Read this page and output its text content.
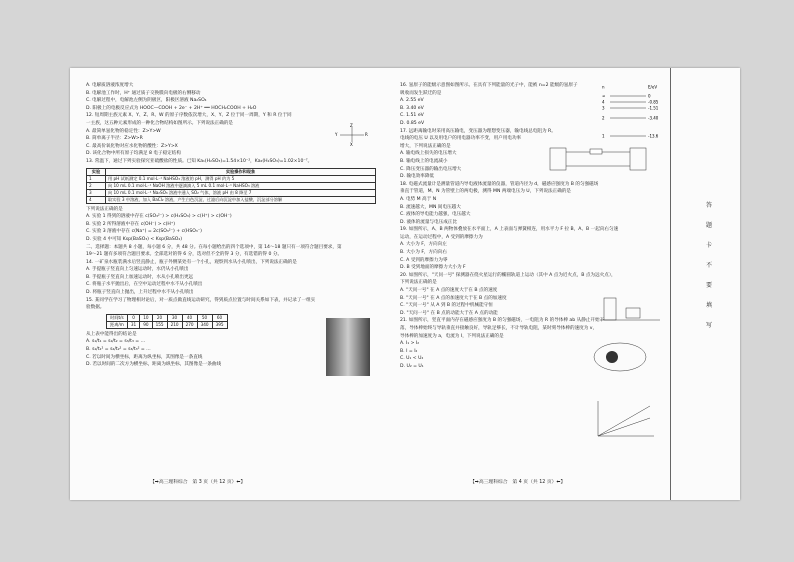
A. 电解质溶液浓度增大
B. 电解池工作时，H⁺ 通过质子交换膜向电极的右侧移动
C. 电解过程中，电解池左侧为阴极区，阳极区溶液 Na₂SO₄
D. 阳极上的电极反应式为 HOOC—COOH + 2e⁻ + 2H⁺ ══ HOCH₂COOH + H₂O
12. 短周期主族元素 X、Y、Z、R、W 的原子序数依次增大，X、Y、Z 位于同一周期，Y 和 R 位于同
一主族，这五种元素形成的一种化合物结构如图所示。下列说法正确的是
A. 最简单氢化物的稳定性：Z>Y>W
B. 简单离子半径：Z>W>R
C. 最高价氧化物对应水化物的酸性：Z>Y>X
D. 该化合物中所有原子均满足 8 电子稳定结构
13. 常温下，通过下列实验探究亚硫酸盐的性质。已知 Ka₁(H₂SO₃)=1.54×10⁻²，Ka₂(H₂SO₃)=1.02×10⁻⁷。
实验	实验操作和现象
1	用 pH 试纸测定 0.1 mol·L⁻¹ NaHSO₃ 溶液的 pH，测得 pH 约为 5
2	向 10 mL 0.1 mol·L⁻¹ NaOH 溶液中逐滴滴入 5 mL 0.1 mol·L⁻¹ NaHSO₃ 溶液
3	向 10 mL 0.1 mol·L⁻¹ Na₂SO₃ 溶液中通入 SO₂ 气体，溶液 pH 由 8 降至 7
4	取实验 3 中溶液，加入 BaCl₂ 溶液，产生白色沉淀，过滤后向沉淀中加入盐酸，沉淀部分溶解
下列说法正确的是
A. 实验 1 得到的溶液中存在 c(SO₃²⁻) > c(H₂SO₃) > c(H⁺) > c(OH⁻)
B. 实验 2 所得溶液中存在 c(OH⁻) > c(H⁺)
C. 实验 3 溶液中存在 c(Na⁺) = 2c(SO₃²⁻) + c(HSO₃⁻)
D. 实验 4 中可知 Ksp(BaSO₃) < Ksp(BaSO₄)
二、选择题：本题共 8 小题，每小题 6 分，共 48 分。在每小题给出的四个选项中，第 14～18 题只有一项符合题目要求，第
19～21 题有多项符合题目要求。全部选对的得 6 分，选对但不全的得 3 分，有选错的得 0 分。
14. 一矿泉水瓶装满水后竖直静止，瓶子外侧某处有一个小孔，观察到水从小孔喷出，下列说法正确的是
A. 手提瓶子竖直向上匀速运动时，水仍从小孔喷出
B. 手提瓶子竖直向上加速运动时，水从小孔喷出更远
C. 将瓶子水平抛出后，在空中运动过程中水不从小孔喷出
D. 将瓶子竖直向上抛出，上升过程中水不从小孔喷出
15. 某同学在学习了物理相对论后，对一质点做直线运动研究，得到质点位置与时间关系如下表，并记录了一组实
验数据。
时间t/s	0	10	20	30	40	50	60
距离/m	31	90	155	210	270	340	395
从上表中能得出的结论是
A. s₁/t₁ = s₂/t₂ = s₃/t₃ = …
B. s₁/t₁² = s₂/t₂² = s₃/t₃² = …
C. 若以时间为横坐标，距离为纵坐标，其图像是一条直线
D. 若以时间的二次方为横坐标，距离为纵坐标，其图像是一条曲线
16. 氢原子的能级示意图如图所示。在具有下列能量的光子中，能被 n=2 能级的氢原子
吸收而发生跃迁的是
A. 2.55 eV
B. 3.40 eV
C. 1.51 eV
D. 0.85 eV
17. 远距离输电时采用高压输电，变压器为理想变压器，输电线总电阻为 R。
电线的电压 U 以及用电户的用电器功率不变，用户用电功率
增大，下列说法正确的是
A. 输电线上损失的电压增大
B. 输电线上的电流减小
C. 降压变压器的输出电压增大
D. 输电效率降低
18. 电磁式流量计是测量管道内导电液体流量的仪器，管道内径为 d，磁感应强度为 B 的匀强磁场
垂直于管道，M、N 为管壁上的两电极，测得 MN 两端电压为 U，下列说法正确的是
A. 电势 M 高于 N
B. 流速越大，MN 间电压越大
C. 液体的导电能力越强，电压越大
D. 液体的流量与电压成正比
19. 如图所示，A、B 两物体叠放在水平面上，A 上表面与弹簧相连，用水平力 F 拉 B，A、B 一起向右匀速
运动，在运动过程中，A 受到的摩擦力为
A. 大小为 F，方向向左
B. 大小为 F，方向向右
C. A 受到的摩擦力为零
D. B 受到地面的摩擦力大小为 F
20. 如图所示，"天问一号" 探测器在绕火星运行的椭圆轨道上运动（其中 A 点为近火点，B 点为远火点），
下列说法正确的是
A. "天问一号" 在 A 点的速度大于在 B 点的速度
B. "天问一号" 在 A 点的加速度大于在 B 点的加速度
C. "天问一号" 从 A 到 B 的过程中机械能守恒
D. "天问一号" 在 B 点的动能大于在 A 点的动能
21. 如图所示，竖直平面内存在磁感应强度为 B 的匀强磁场，一电阻为 R 的导体棒 ab 从静止开始下
落，导体棒始终与导轨垂直并接触良好，导轨足够长，不计导轨电阻，某时刻导体棒的速度为 v，
导体棒的加速度为 a，电流为 I，下列说法正确的是
A. I₁ > I₂
B. I = I₂
C. U₁ < U₂
D. U₂ = U₁
Z
Y	R
X
n	E/eV
∞	0
4	-0.85
3	-1.51
2	-3.40
1	-13.6
【➡高三理科综合　第 3 页（共 12 页）⬅】	【➡高三理科综合　第 4 页（共 12 页）⬅】
答
题
卡
不
要
填
写
